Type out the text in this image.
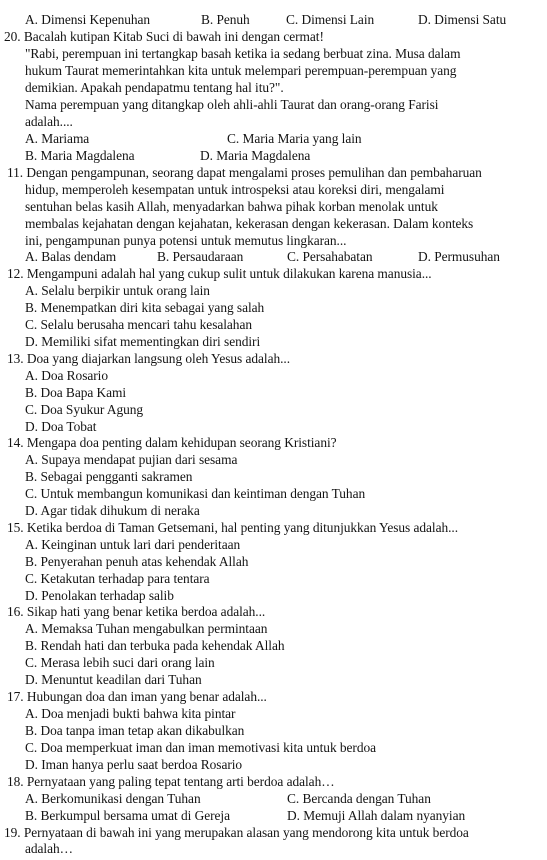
A. Dimensi Kepenuhan	B. Penuh	C. Dimensi Lain	D. Dimensi Satu
20. Bacalah kutipan Kitab Suci di bawah ini dengan cermat!
"Rabi, perempuan ini tertangkap basah ketika ia sedang berbuat zina. Musa dalam
hukum Taurat memerintahkan kita untuk melempari perempuan-perempuan yang
demikian. Apakah pendapatmu tentang hal itu?".
Nama perempuan yang ditangkap oleh ahli-ahli Taurat dan orang-orang Farisi
adalah....
A. Mariama	C. Maria Maria yang lain
B. Maria Magdalena	D. Maria Magdalena
11. Dengan pengampunan, seorang dapat mengalami proses pemulihan dan pembaharuan
hidup, memperoleh kesempatan untuk introspeksi atau koreksi diri, mengalami
sentuhan belas kasih Allah, menyadarkan bahwa pihak korban menolak untuk
membalas kejahatan dengan kejahatan, kekerasan dengan kekerasan. Dalam konteks
ini, pengampunan punya potensi untuk memutus lingkaran...
A. Balas dendam	B. Persaudaraan	C. Persahabatan	D. Permusuhan
12. Mengampuni adalah hal yang cukup sulit untuk dilakukan karena manusia...
A. Selalu berpikir untuk orang lain
B. Menempatkan diri kita sebagai yang salah
C. Selalu berusaha mencari tahu kesalahan
D. Memiliki sifat mementingkan diri sendiri
13. Doa yang diajarkan langsung oleh Yesus adalah...
A. Doa Rosario
B. Doa Bapa Kami
C. Doa Syukur Agung
D. Doa Tobat
14. Mengapa doa penting dalam kehidupan seorang Kristiani?
A. Supaya mendapat pujian dari sesama
B. Sebagai pengganti sakramen
C. Untuk membangun komunikasi dan keintiman dengan Tuhan
D. Agar tidak dihukum di neraka
15. Ketika berdoa di Taman Getsemani, hal penting yang ditunjukkan Yesus adalah...
A. Keinginan untuk lari dari penderitaan
B. Penyerahan penuh atas kehendak Allah
C. Ketakutan terhadap para tentara
D. Penolakan terhadap salib
16. Sikap hati yang benar ketika berdoa adalah...
A. Memaksa Tuhan mengabulkan permintaan
B. Rendah hati dan terbuka pada kehendak Allah
C. Merasa lebih suci dari orang lain
D. Menuntut keadilan dari Tuhan
17. Hubungan doa dan iman yang benar adalah...
A. Doa menjadi bukti bahwa kita pintar
B. Doa tanpa iman tetap akan dikabulkan
C. Doa memperkuat iman dan iman memotivasi kita untuk berdoa
D. Iman hanya perlu saat berdoa Rosario
18. Pernyataan yang paling tepat tentang arti berdoa adalah…
A. Berkomunikasi dengan Tuhan	C. Bercanda dengan Tuhan
B. Berkumpul bersama umat di Gereja	D. Memuji Allah dalam nyanyian
19. Pernyataan di bawah ini yang merupakan alasan yang mendorong kita untuk berdoa
adalah…
